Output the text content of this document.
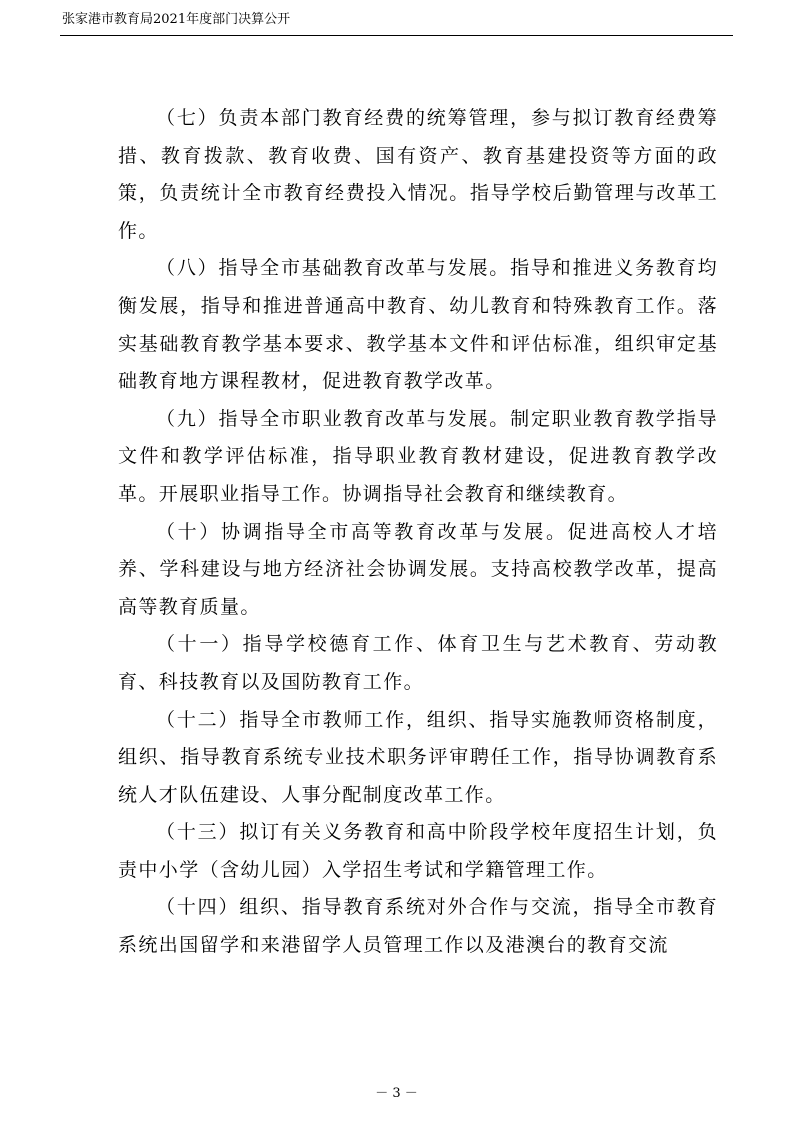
张家港市教育局2021年度部门决算公开

（七）负责本部门教育经费的统筹管理，参与拟订教育经费筹措、教育拨款、教育收费、国有资产、教育基建投资等方面的政策，负责统计全市教育经费投入情况。指导学校后勤管理与改革工作。

（八）指导全市基础教育改革与发展。指导和推进义务教育均衡发展，指导和推进普通高中教育、幼儿教育和特殊教育工作。落实基础教育教学基本要求、教学基本文件和评估标准，组织审定基础教育地方课程教材，促进教育教学改革。

（九）指导全市职业教育改革与发展。制定职业教育教学指导文件和教学评估标准，指导职业教育教材建设，促进教育教学改革。开展职业指导工作。协调指导社会教育和继续教育。

（十）协调指导全市高等教育改革与发展。促进高校人才培养、学科建设与地方经济社会协调发展。支持高校教学改革，提高高等教育质量。

（十一）指导学校德育工作、体育卫生与艺术教育、劳动教育、科技教育以及国防教育工作。

（十二）指导全市教师工作，组织、指导实施教师资格制度，组织、指导教育系统专业技术职务评审聘任工作，指导协调教育系统人才队伍建设、人事分配制度改革工作。

（十三）拟订有关义务教育和高中阶段学校年度招生计划，负责中小学（含幼儿园）入学招生考试和学籍管理工作。

（十四）组织、指导教育系统对外合作与交流，指导全市教育系统出国留学和来港留学人员管理工作以及港澳台的教育交流

－ 3 －
